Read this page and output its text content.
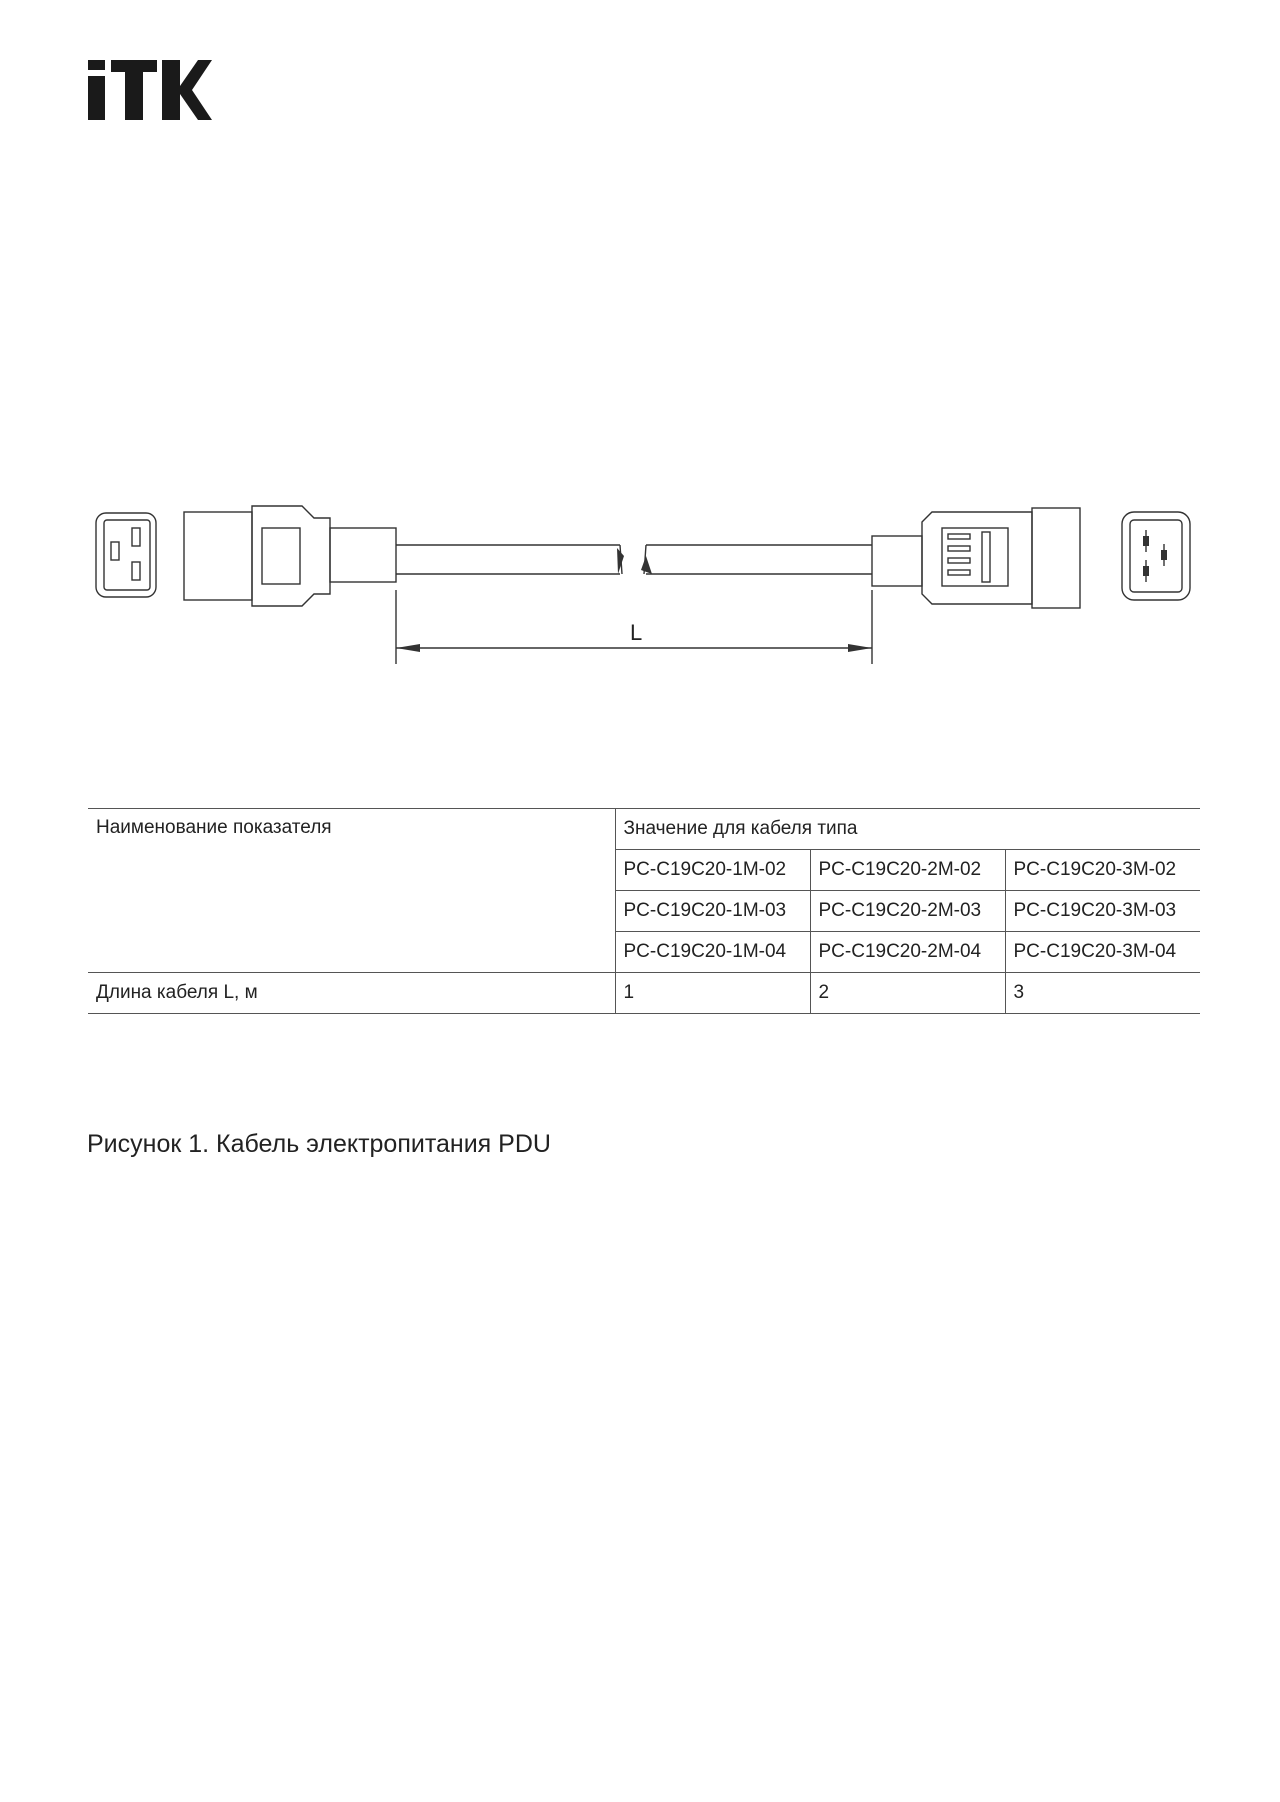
L
Наименование показателя	Значение для кабеля типа		
	PC-C19C20-1M-02	PC-C19C20-2M-02	PC-C19C20-3M-02
	PC-C19C20-1M-03	PC-C19C20-2M-03	PC-C19C20-3M-03
	PC-C19C20-1M-04	PC-C19C20-2M-04	PC-C19C20-3M-04
Длина кабеля L, м	1	2	3
Рисунок 1. Кабель электропитания PDU
